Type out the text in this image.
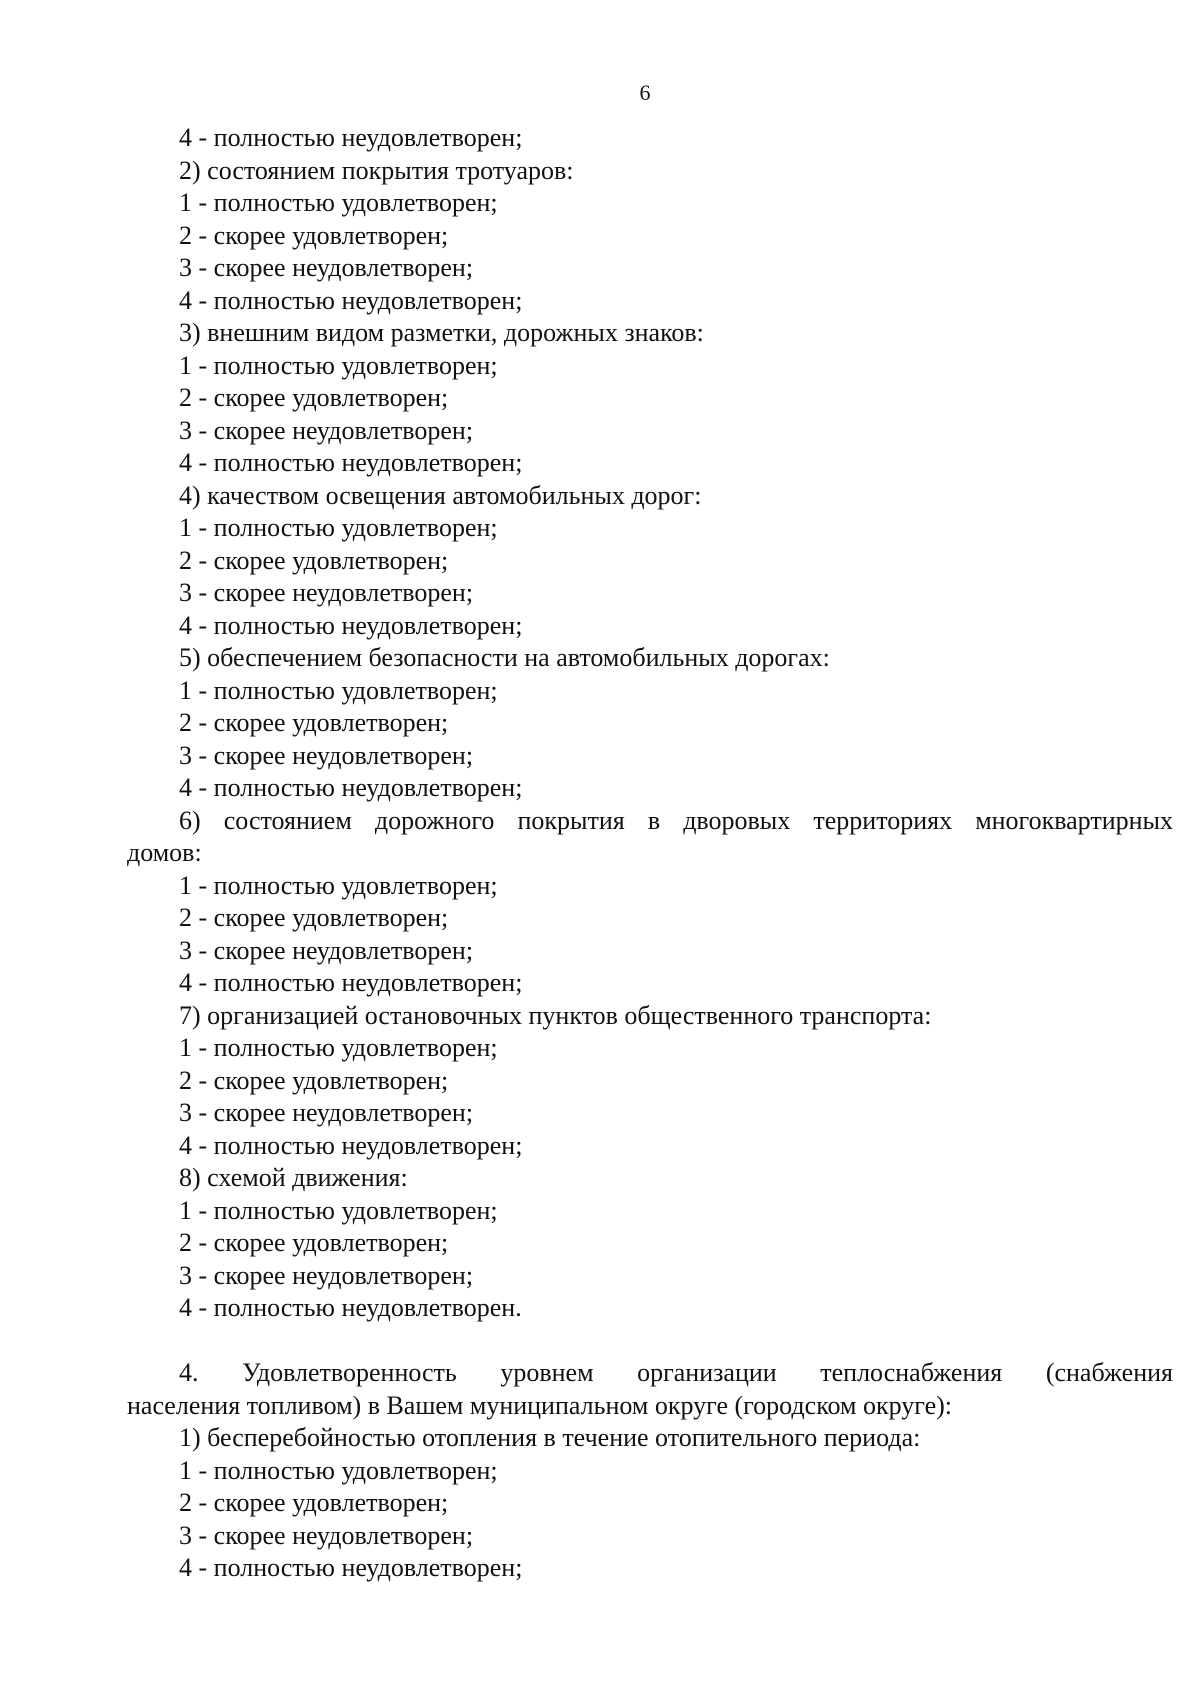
6
4 - полностью неудовлетворен;
2) состоянием покрытия тротуаров:
1 - полностью удовлетворен;
2 - скорее удовлетворен;
3 - скорее неудовлетворен;
4 - полностью неудовлетворен;
3) внешним видом разметки, дорожных знаков:
1 - полностью удовлетворен;
2 - скорее удовлетворен;
3 - скорее неудовлетворен;
4 - полностью неудовлетворен;
4) качеством освещения автомобильных дорог:
1 - полностью удовлетворен;
2 - скорее удовлетворен;
3 - скорее неудовлетворен;
4 - полностью неудовлетворен;
5) обеспечением безопасности на автомобильных дорогах:
1 - полностью удовлетворен;
2 - скорее удовлетворен;
3 - скорее неудовлетворен;
4 - полностью неудовлетворен;
6) состоянием дорожного покрытия в дворовых территориях многоквартирных
домов:
1 - полностью удовлетворен;
2 - скорее удовлетворен;
3 - скорее неудовлетворен;
4 - полностью неудовлетворен;
7) организацией остановочных пунктов общественного транспорта:
1 - полностью удовлетворен;
2 - скорее удовлетворен;
3 - скорее неудовлетворен;
4 - полностью неудовлетворен;
8) схемой движения:
1 - полностью удовлетворен;
2 - скорее удовлетворен;
3 - скорее неудовлетворен;
4 - полностью неудовлетворен.
4. Удовлетворенность уровнем организации теплоснабжения (снабжения
населения топливом) в Вашем муниципальном округе (городском округе):
1) бесперебойностью отопления в течение отопительного периода:
1 - полностью удовлетворен;
2 - скорее удовлетворен;
3 - скорее неудовлетворен;
4 - полностью неудовлетворен;
